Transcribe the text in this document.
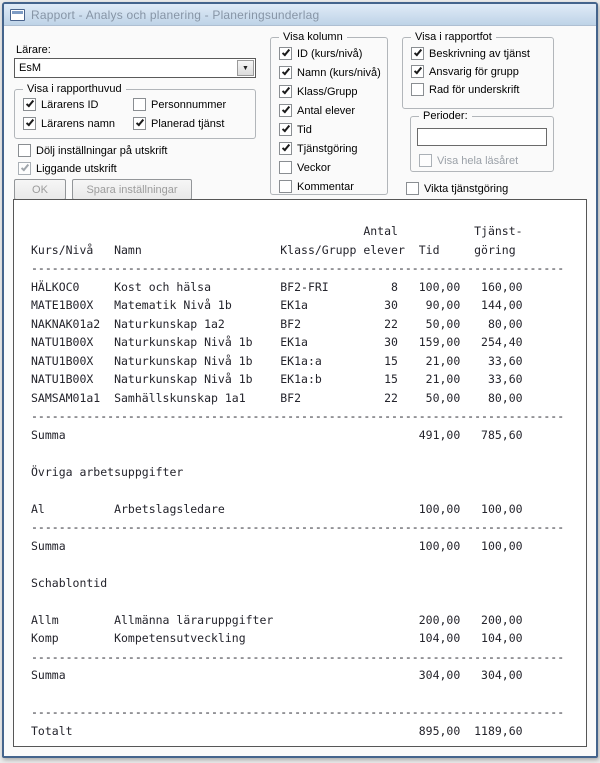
Rapport - Analys och planering - Planeringsunderlag
Lärare:
EsM	▼
Visa i rapporthuvud
Lärarens ID	Personnummer
Lärarens namn	Planerad tjänst
Dölj inställningar på utskrift
Liggande utskrift
OK	Spara inställningar
Visa kolumn
ID (kurs/nivå)
Namn (kurs/nivå)
Klass/Grupp
Antal elever
Tid
Tjänstgöring
Veckor
Kommentar
Visa i rapportfot
Beskrivning av tjänst
Ansvarig för grupp
Rad för underskrift
Perioder:
Visa hela läsåret
Vikta tjänstgöring
Antal           Tjänst-
Kurs/Nivå   Namn                    Klass/Grupp elever  Tid     göring
-----------------------------------------------------------------------------
HÄLKOC0     Kost och hälsa          BF2-FRI         8   100,00   160,00
MATE1B00X   Matematik Nivå 1b       EK1a           30    90,00   144,00
NAKNAK01a2  Naturkunskap 1a2        BF2            22    50,00    80,00
NATU1B00X   Naturkunskap Nivå 1b    EK1a           30   159,00   254,40
NATU1B00X   Naturkunskap Nivå 1b    EK1a:a         15    21,00    33,60
NATU1B00X   Naturkunskap Nivå 1b    EK1a:b         15    21,00    33,60
SAMSAM01a1  Samhällskunskap 1a1     BF2            22    50,00    80,00
-----------------------------------------------------------------------------
Summa                                                   491,00   785,60
Övriga arbetsuppgifter
Al          Arbetslagsledare                            100,00   100,00
-----------------------------------------------------------------------------
Summa                                                   100,00   100,00
Schablontid
Allm        Allmänna läraruppgifter                     200,00   200,00
Komp        Kompetensutveckling                         104,00   104,00
-----------------------------------------------------------------------------
Summa                                                   304,00   304,00
-----------------------------------------------------------------------------
Totalt                                                  895,00  1189,60
